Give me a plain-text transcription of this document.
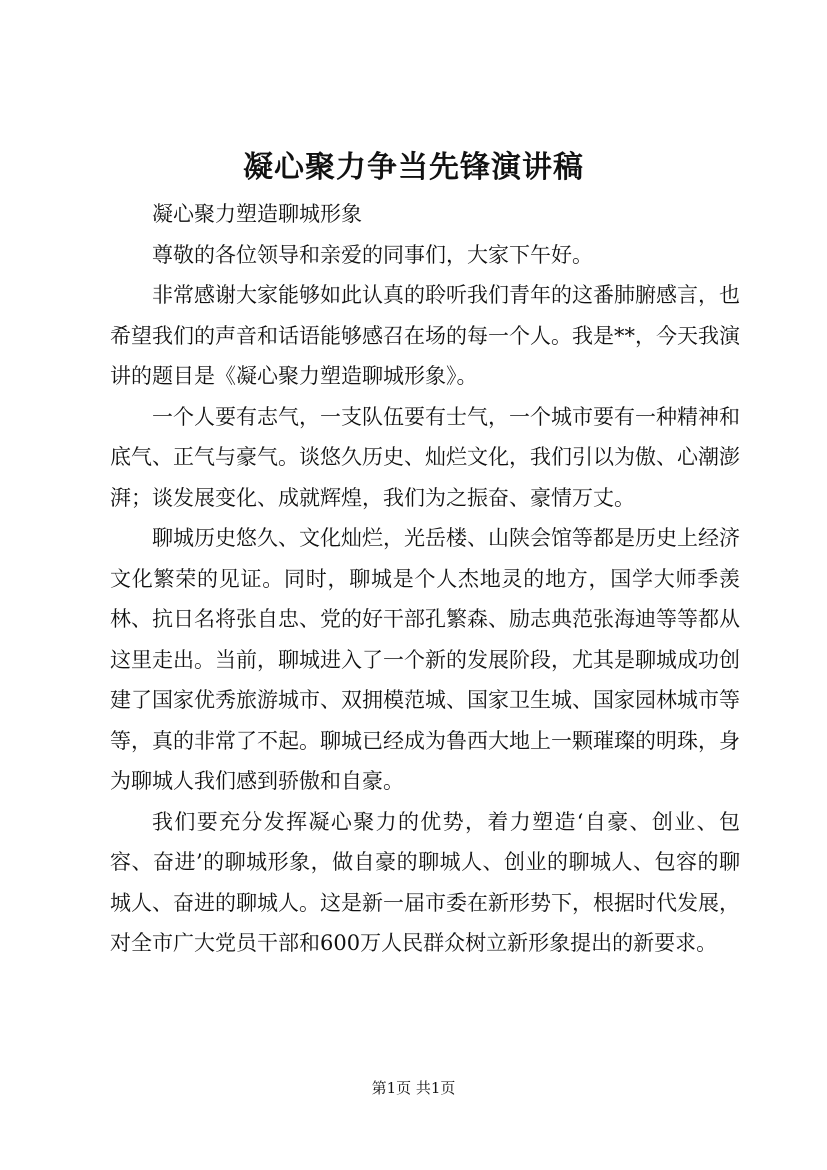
凝心聚力争当先锋演讲稿

凝心聚力塑造聊城形象

尊敬的各位领导和亲爱的同事们，大家下午好。

非常感谢大家能够如此认真的聆听我们青年的这番肺腑感言，也希望我们的声音和话语能够感召在场的每一个人。我是**，今天我演讲的题目是《凝心聚力塑造聊城形象》。

一个人要有志气，一支队伍要有士气，一个城市要有一种精神和底气、正气与豪气。谈悠久历史、灿烂文化，我们引以为傲、心潮澎湃；谈发展变化、成就辉煌，我们为之振奋、豪情万丈。

聊城历史悠久、文化灿烂，光岳楼、山陕会馆等都是历史上经济文化繁荣的见证。同时，聊城是个人杰地灵的地方，国学大师季羡林、抗日名将张自忠、党的好干部孔繁森、励志典范张海迪等等都从这里走出。当前，聊城进入了一个新的发展阶段，尤其是聊城成功创建了国家优秀旅游城市、双拥模范城、国家卫生城、国家园林城市等等，真的非常了不起。聊城已经成为鲁西大地上一颗璀璨的明珠，身为聊城人我们感到骄傲和自豪。

我们要充分发挥凝心聚力的优势，着力塑造‘自豪、创业、包容、奋进’的聊城形象，做自豪的聊城人、创业的聊城人、包容的聊城人、奋进的聊城人。这是新一届市委在新形势下，根据时代发展，对全市广大党员干部和600万人民群众树立新形象提出的新要求。

第1页 共1页
